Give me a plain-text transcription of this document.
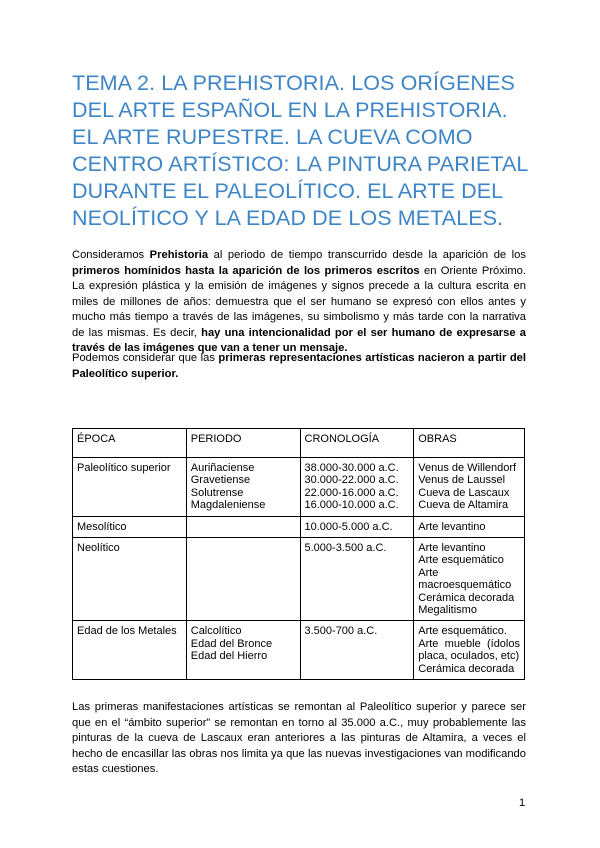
TEMA 2. LA PREHISTORIA. LOS ORÍGENES DEL ARTE ESPAÑOL EN LA PREHISTORIA. EL ARTE RUPESTRE. LA CUEVA COMO CENTRO ARTÍSTICO: LA PINTURA PARIETAL DURANTE EL PALEOLÍTICO. EL ARTE DEL NEOLÍTICO Y LA EDAD DE LOS METALES.

Consideramos Prehistoria al periodo de tiempo transcurrido desde la aparición de los primeros homínidos hasta la aparición de los primeros escritos en Oriente Próximo. La expresión plástica y la emisión de imágenes y signos precede a la cultura escrita en miles de millones de años: demuestra que el ser humano se expresó con ellos antes y mucho más tiempo a través de las imágenes, su simbolismo y más tarde con la narrativa de las mismas. Es decir, hay una intencionalidad por el ser humano de expresarse a través de las imágenes que van a tener un mensaje.

Podemos considerar que las primeras representaciones artísticas nacieron a partir del Paleolítico superior.

ÉPOCA	PERIODO	CRONOLOGÍA	OBRAS
Paleolítico superior	Auriñaciense
Gravetiense
Solutrense
Magdaleniense	38.000-30.000 a.C.
30.000-22.000 a.C.
22.000-16.000 a.C.
16.000-10.000 a.C.	Venus de Willendorf
Venus de Laussel
Cueva de Lascaux
Cueva de Altamira

Mesolítico		10.000-5.000 a.C.	Arte levantino

Neolítico		5.000-3.500 a.C.	Arte levantino
Arte esquemático
Arte macroesquemático
Cerámica decorada
Megalitismo

Edad de los Metales	Calcolítico
Edad del Bronce
Edad del Hierro	3.500-700 a.C.	Arte esquemático.
Arte mueble (ídolos placa, oculados, etc)
Cerámica decorada

Las primeras manifestaciones artísticas se remontan al Paleolítico superior y parece ser que en el “ámbito superior” se remontan en torno al 35.000 a.C., muy probablemente las pinturas de la cueva de Lascaux eran anteriores a las pinturas de Altamira, a veces el hecho de encasillar las obras nos limita ya que las nuevas investigaciones van modificando estas cuestiones.

1
